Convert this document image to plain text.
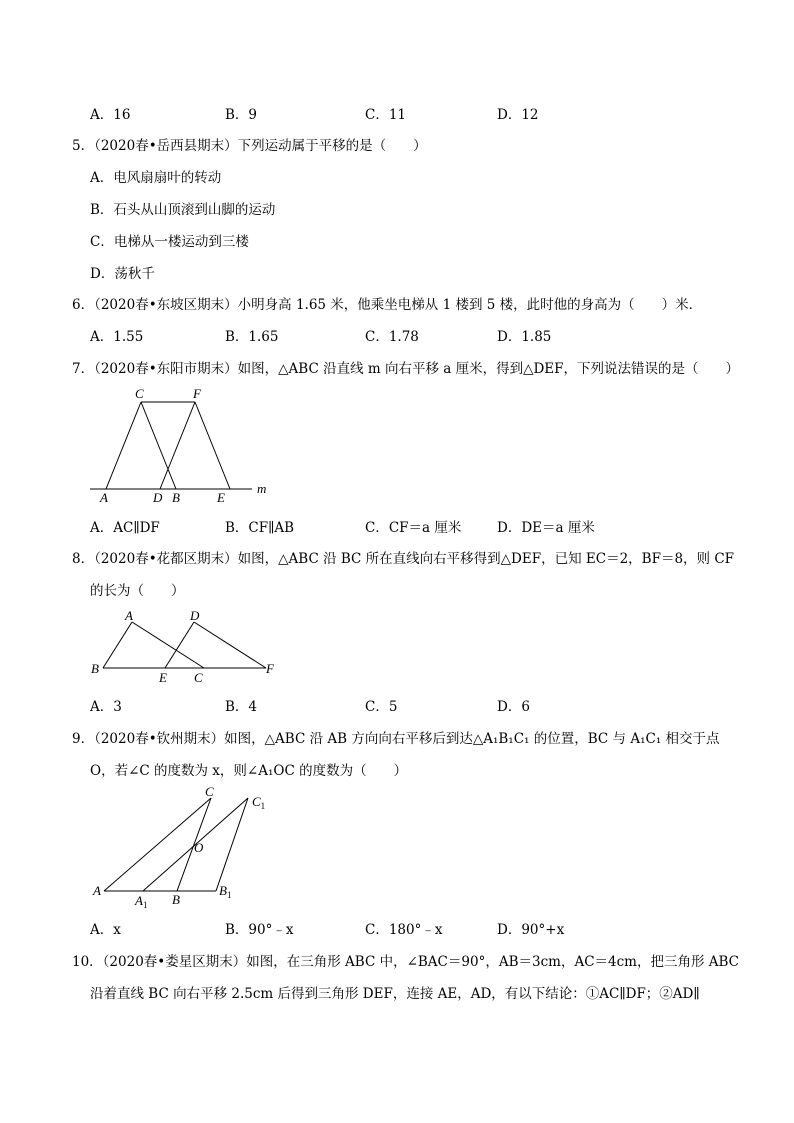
A．16	B．9	C．11	D．12
5．（2020春•岳西县期末）下列运动属于平移的是（　　）
A．电风扇扇叶的转动
B．石头从山顶滚到山脚的运动
C．电梯从一楼运动到三楼
D．荡秋千
6．（2020春•东坡区期末）小明身高 1.65 米，他乘坐电梯从 1 楼到 5 楼，此时他的身高为（　　）米．
A．1.55	B．1.65	C．1.78	D．1.85
7．（2020春•东阳市期末）如图，△ABC 沿直线 m 向右平移 a 厘米，得到△DEF，下列说法错误的是（　　）
C	F
A	D B	E
m
A．AC∥DF	B．CF∥AB	C．CF＝a 厘米	D．DE＝a 厘米
8．（2020春•花都区期末）如图，△ABC 沿 BC 所在直线向右平移得到△DEF，已知 EC＝2，BF＝8，则 CF
的长为（　　）
A	D
B
E C
F
A．3	B．4	C．5	D．6
9．（2020春•钦州期末）如图，△ABC 沿 AB 方向向右平移后到达△A₁B₁C₁ 的位置，BC 与 A₁C₁ 相交于点
O，若∠C 的度数为 x，则∠A₁OC 的度数为（　　）
C
$C_1$
O
A
$A_1$ B
$B_1$
A．x	B．90°﹣x	C．180°﹣x	D．90°+x
10．（2020春•娄星区期末）如图，在三角形 ABC 中，∠BAC＝90°，AB＝3cm，AC＝4cm，把三角形 ABC
沿着直线 BC 向右平移 2.5cm 后得到三角形 DEF，连接 AE，AD，有以下结论：①AC∥DF；②AD∥
